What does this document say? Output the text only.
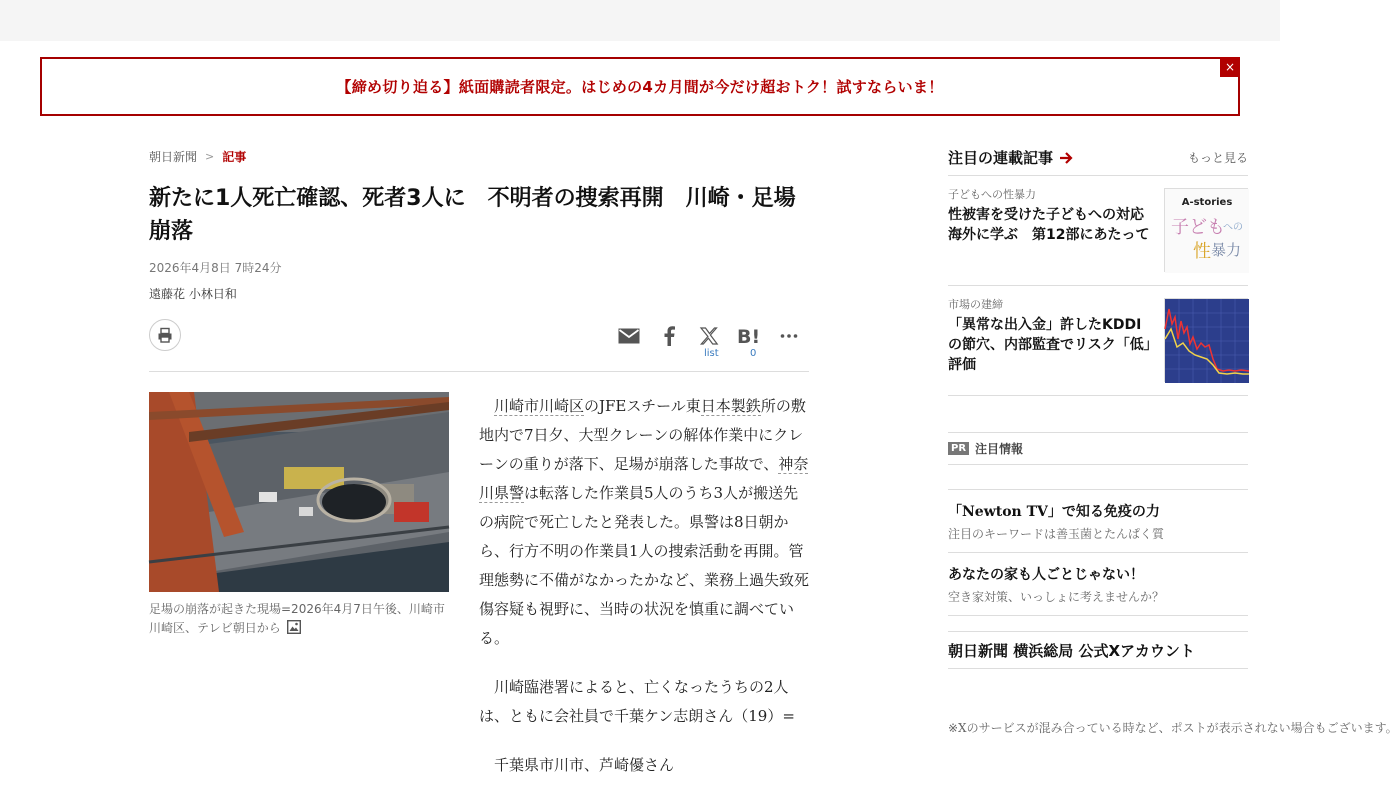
【締め切り迫る】紙面購読者限定。はじめの4カ月間が今だけ超おトク！試すならいま！
×
朝日新聞 > 記事
新たに1人死亡確認、死者3人に　不明者の捜索再開　川崎・足場崩落
2026年4月8日 7時24分
遠藤花 小林日和
B!
list	0
足場の崩落が起きた現場=2026年4月7日午後、川崎市川崎区、テレビ朝日から

川崎市川崎区のJFEスチール東日本製鉄所の敷地内で7日夕、大型クレーンの解体作業中にクレーンの重りが落下、足場が崩落した事故で、神奈川県警は転落した作業員5人のうち3人が搬送先の病院で死亡したと発表した。県警は8日朝から、行方不明の作業員1人の捜索活動を再開。管理態勢に不備がなかったかなど、業務上過失致死傷容疑も視野に、当時の状況を慎重に調べている。

川崎臨港署によると、亡くなったうちの2人は、ともに会社員で千葉ケン志朗さん（19）=

千葉県市川市、芦崎優さん

注目の連載記事	もっと見る
子どもへの性暴力
性被害を受けた子どもへの対応　海外に学ぶ　第12部にあたって
A-stories
子ども
への
性 暴力
市場の建締
「異常な出入金」許したKDDIの節穴、内部監査でリスク「低」評価
PR 注目情報
「Newton TV」で知る免疫の力
注目のキーワードは善玉菌とたんぱく質
あなたの家も人ごとじゃない！
空き家対策、いっしょに考えませんか？
朝日新聞 横浜総局 公式Xアカウント
※Xのサービスが混み合っている時など、ポストが表示されない場合もございます。
